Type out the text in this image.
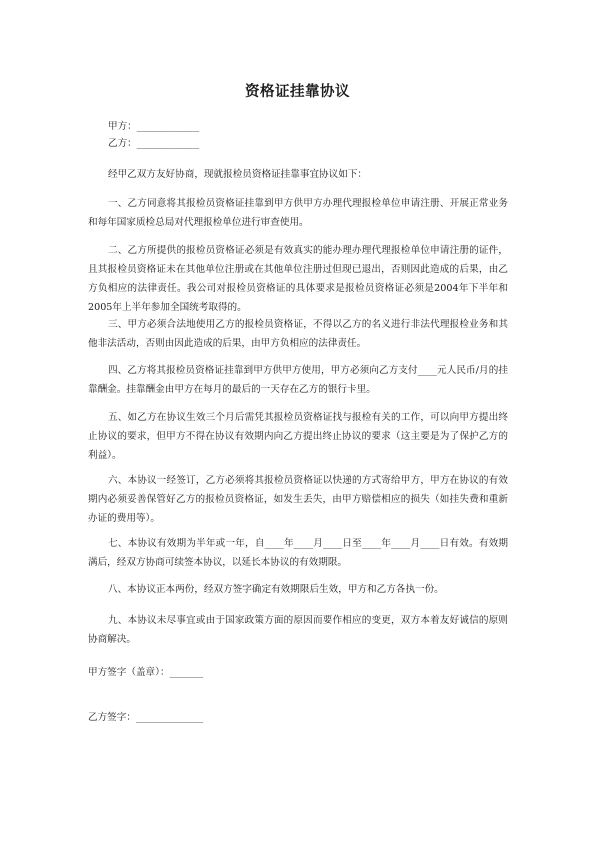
资格证挂靠协议
甲方：_____________
乙方：_____________
经甲乙双方友好协商，现就报检员资格证挂靠事宜协议如下：
一、乙方同意将其报检员资格证挂靠到甲方供甲方办理代理报检单位申请注册、开展正常业务和每年国家质检总局对代理报检单位进行审查使用。
二、乙方所提供的报检员资格证必须是有效真实的能办理办理代理报检单位申请注册的证件，且其报检员资格证未在其他单位注册或在其他单位注册过但现已退出，否则因此造成的后果，由乙方负相应的法律责任。我公司对报检员资格证的具体要求是报检员资格证必须是2004年下半年和2005年上半年参加全国统考取得的。
三、甲方必须合法地使用乙方的报检员资格证，不得以乙方的名义进行非法代理报检业务和其他非法活动，否则由因此造成的后果，由甲方负相应的法律责任。
四、乙方将其报检员资格证挂靠到甲方供甲方使用，甲方必须向乙方支付____元人民币/月的挂靠酬金。挂靠酬金由甲方在每月的最后的一天存在乙方的银行卡里。
五、如乙方在协议生效三个月后需凭其报检员资格证找与报检有关的工作，可以向甲方提出终止协议的要求，但甲方不得在协议有效期内向乙方提出终止协议的要求（这主要是为了保护乙方的利益）。
六、本协议一经签订，乙方必须将其报检员资格证以快递的方式寄给甲方，甲方在协议的有效期内必须妥善保管好乙方的报检员资格证，如发生丢失，由甲方赔偿相应的损失（如挂失费和重新办证的费用等）。
七、本协议有效期为半年或一年，自____年____月____日至____年____月____日有效。有效期满后，经双方协商可续签本协议，以延长本协议的有效期限。
八、本协议正本两份，经双方签字确定有效期限后生效，甲方和乙方各执一份。
九、本协议未尽事宜或由于国家政策方面的原因而要作相应的变更，双方本着友好诚信的原则协商解决。
甲方签字（盖章）：_______
乙方签字：______________
